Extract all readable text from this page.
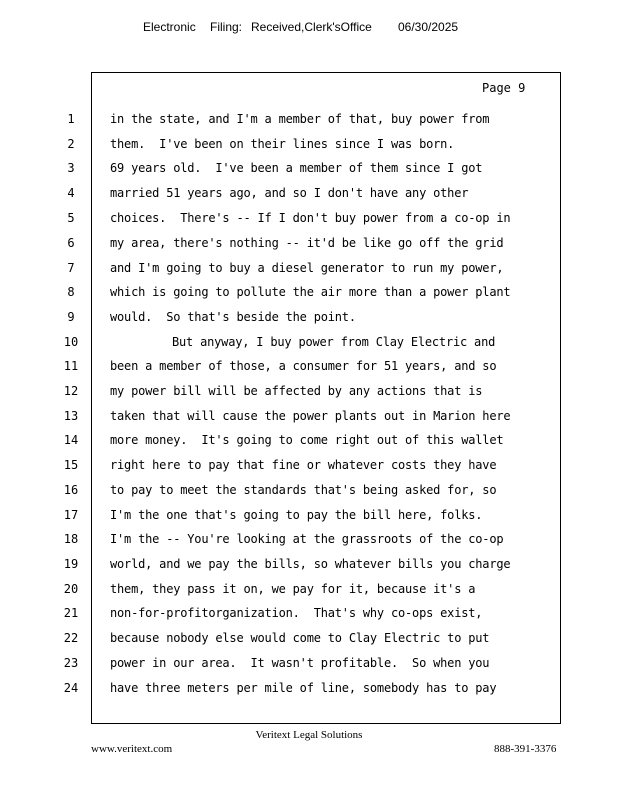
Electronic Filing: Received,Clerk'sOffice 06/30/2025
Page 9
1	in the state, and I'm a member of that, buy power from
2	them.  I've been on their lines since I was born.
3	69 years old.  I've been a member of them since I got
4	married 51 years ago, and so I don't have any other
5	choices.  There's -- If I don't buy power from a co-op in
6	my area, there's nothing -- it'd be like go off the grid
7	and I'm going to buy a diesel generator to run my power,
8	which is going to pollute the air more than a power plant
9	would.  So that's beside the point.
10	But anyway, I buy power from Clay Electric and
11	been a member of those, a consumer for 51 years, and so
12	my power bill will be affected by any actions that is
13	taken that will cause the power plants out in Marion here
14	more money.  It's going to come right out of this wallet
15	right here to pay that fine or whatever costs they have
16	to pay to meet the standards that's being asked for, so
17	I'm the one that's going to pay the bill here, folks.
18	I'm the -- You're looking at the grassroots of the co-op
19	world, and we pay the bills, so whatever bills you charge
20	them, they pass it on, we pay for it, because it's a
21	non-for-profitorganization.  That's why co-ops exist,
22	because nobody else would come to Clay Electric to put
23	power in our area.  It wasn't profitable.  So when you
24	have three meters per mile of line, somebody has to pay
Veritext Legal Solutions
www.veritext.com	888-391-3376
